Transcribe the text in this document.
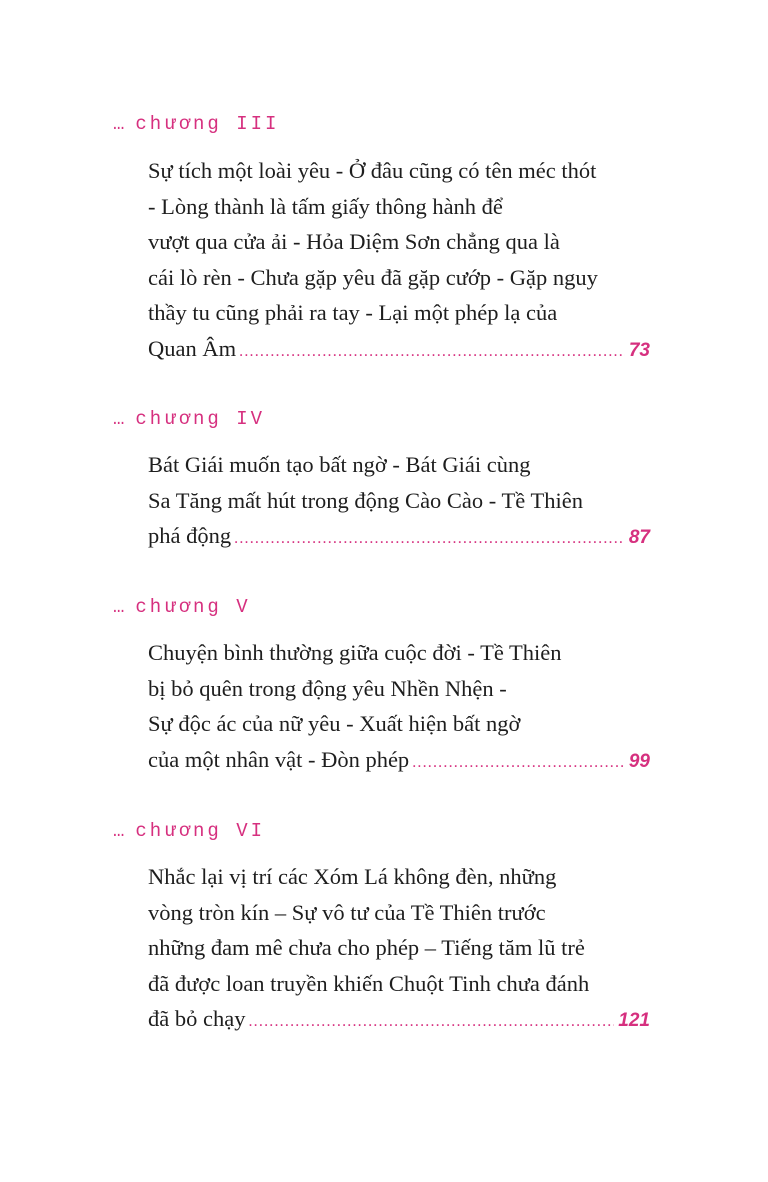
… chương III
Sự tích một loài yêu - Ở đâu cũng có tên méc thót
- Lòng thành là tấm giấy thông hành để
vượt qua cửa ải - Hỏa Diệm Sơn chẳng qua là
cái lò rèn - Chưa gặp yêu đã gặp cướp - Gặp nguy
thầy tu cũng phải ra tay - Lại một phép lạ của
Quan Âm .....	73
… chương IV
Bát Giái muốn tạo bất ngờ - Bát Giái cùng
Sa Tăng mất hút trong động Cào Cào - Tề Thiên
phá động .....	87
… chương V
Chuyện bình thường giữa cuộc đời - Tề Thiên
bị bỏ quên trong động yêu Nhền Nhện -
Sự độc ác của nữ yêu - Xuất hiện bất ngờ
của một nhân vật - Đòn phép .....	99
… chương VI
Nhắc lại vị trí các Xóm Lá không đèn, những
vòng tròn kín – Sự vô tư của Tề Thiên trước
những đam mê chưa cho phép – Tiếng tăm lũ trẻ
đã được loan truyền khiến Chuột Tinh chưa đánh
đã bỏ chạy .....	121
